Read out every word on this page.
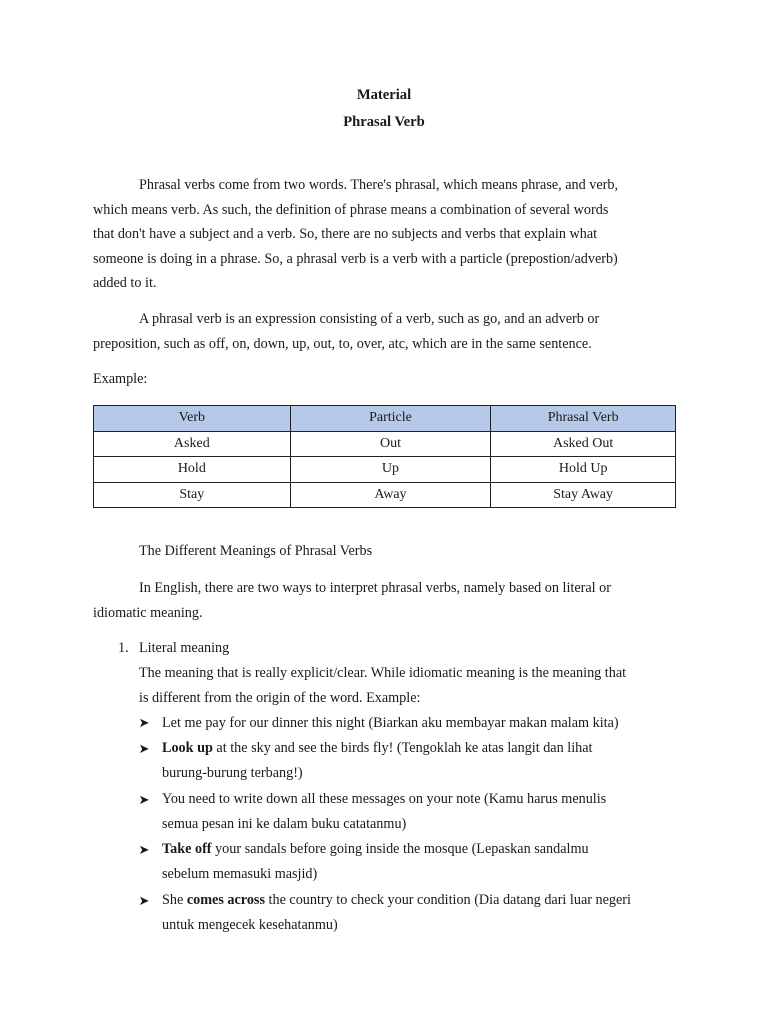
Material

Phrasal Verb

Phrasal verbs come from two words. There's phrasal, which means phrase, and verb,
which means verb. As such, the definition of phrase means a combination of several words
that don't have a subject and a verb. So, there are no subjects and verbs that explain what
someone is doing in a phrase. So, a phrasal verb is a verb with a particle (prepostion/adverb)
added to it.
A phrasal verb is an expression consisting of a verb, such as go, and an adverb or
preposition, such as off, on, down, up, out, to, over, atc, which are in the same sentence.

Example:

Verb	Particle	Phrasal Verb
Asked	Out	Asked Out
Hold	Up	Hold Up
Stay	Away	Stay Away

The Different Meanings of Phrasal Verbs

In English, there are two ways to interpret phrasal verbs, namely based on literal or
idiomatic meaning.
1. Literal meaning
The meaning that is really explicit/clear. While idiomatic meaning is the meaning that
is different from the origin of the word. Example:
➤ Let me pay for our dinner this night (Biarkan aku membayar makan malam kita)
➤ Look up at the sky and see the birds fly! (Tengoklah ke atas langit dan lihat
burung-burung terbang!)
➤ You need to write down all these messages on your note (Kamu harus menulis
semua pesan ini ke dalam buku catatanmu)
➤ Take off your sandals before going inside the mosque (Lepaskan sandalmu
sebelum memasuki masjid)
➤ She comes across the country to check your condition (Dia datang dari luar negeri
untuk mengecek kesehatanmu)
